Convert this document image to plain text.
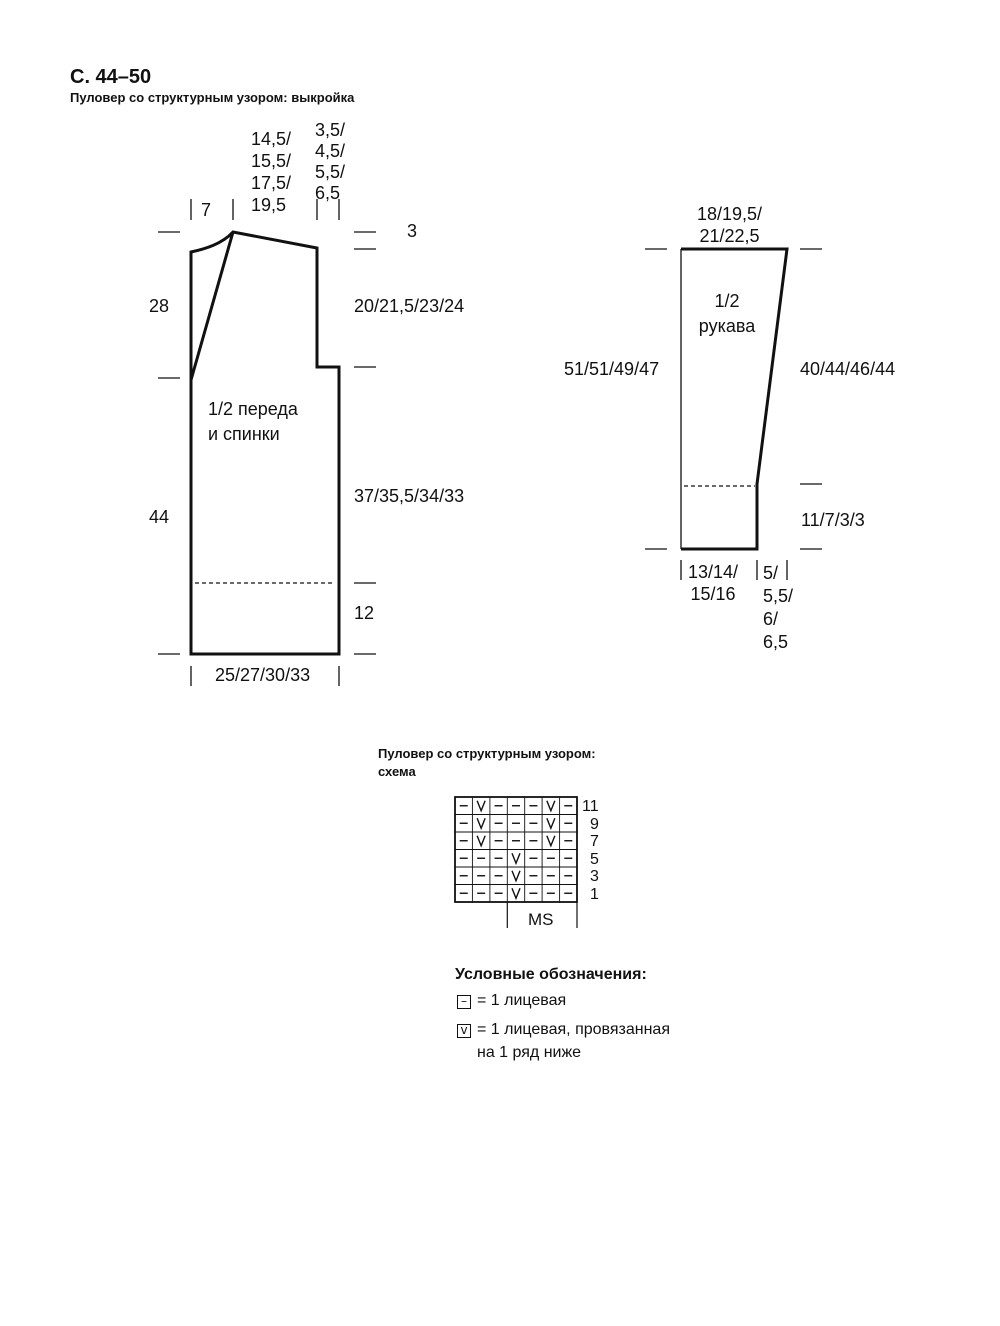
С. 44–50
Пуловер со структурным узором: выкройка
7
14,5/
15,5/
17,5/
19,5
3,5/
4,5/
5,5/
6,5
3
28	20/21,5/23/24
1/2 переда
и спинки
44
37/35,5/34/33
12
25/27/30/33
18/19,5/
21/22,5
1/2
рукава
51/51/49/47	40/44/46/44
11/7/3/3
13/14/
15/16
5/
5,5/
6/
6,5
Пуловер со структурным узором:
схема
11
9
7
5
3
1
MS
Условные обозначения:
– = 1 лицевая
v = 1 лицевая, провязанная
на 1 ряд ниже
